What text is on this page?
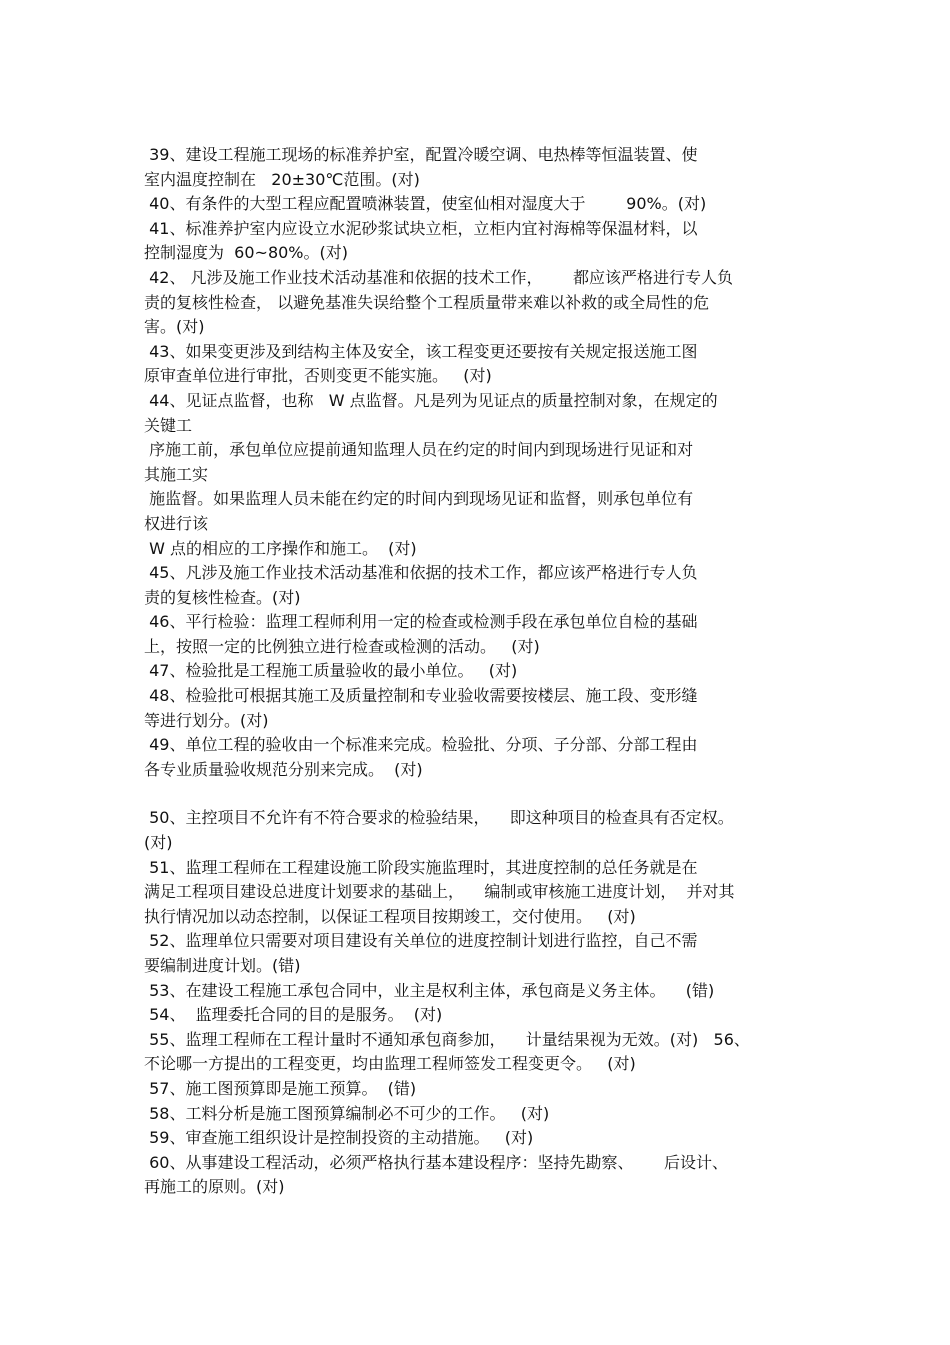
39、建设工程施工现场的标准养护室，配置冷暖空调、电热棒等恒温装置、使
室内温度控制在   20±30℃范围。(对)
40、有条件的大型工程应配置喷淋装置，使室仙相对湿度大于        90%。(对)
41、标准养护室内应设立水泥砂浆试块立柜，立柜内宜衬海棉等保温材料，以
控制湿度为  60~80%。(对)
42、 凡涉及施工作业技术活动基准和依据的技术工作，      都应该严格进行专人负
责的复核性检查， 以避免基准失误给整个工程质量带来难以补救的或全局性的危
害。(对)
43、如果变更涉及到结构主体及安全，该工程变更还要按有关规定报送施工图
原审查单位进行审批，否则变更不能实施。   (对)
44、见证点监督，也称   W 点监督。凡是列为见证点的质量控制对象，在规定的
关键工
序施工前，承包单位应提前通知监理人员在约定的时间内到现场进行见证和对
其施工实
施监督。如果监理人员未能在约定的时间内到现场见证和监督，则承包单位有
权进行该
W 点的相应的工序操作和施工。  (对)
45、凡涉及施工作业技术活动基准和依据的技术工作，都应该严格进行专人负
责的复核性检查。(对)
46、平行检验：监理工程师利用一定的检查或检测手段在承包单位自检的基础
上，按照一定的比例独立进行检查或检测的活动。   (对)
47、检验批是工程施工质量验收的最小单位。   (对)
48、检验批可根据其施工及质量控制和专业验收需要按楼层、施工段、变形缝
等进行划分。(对)
49、单位工程的验收由一个标准来完成。检验批、分项、子分部、分部工程由
各专业质量验收规范分别来完成。  (对)
50、主控项目不允许有不符合要求的检验结果，    即这种项目的检查具有否定权。
(对)
51、监理工程师在工程建设施工阶段实施监理时，其进度控制的总任务就是在
满足工程项目建设总进度计划要求的基础上，    编制或审核施工进度计划，  并对其
执行情况加以动态控制，以保证工程项目按期竣工，交付使用。   (对)
52、监理单位只需要对项目建设有关单位的进度控制计划进行监控，自己不需
要编制进度计划。(错)
53、在建设工程施工承包合同中，业主是权利主体，承包商是义务主体。    (错)
54、  监理委托合同的目的是服务。  (对)
55、监理工程师在工程计量时不通知承包商参加，    计量结果视为无效。(对)   56、
不论哪一方提出的工程变更，均由监理工程师签发工程变更令。   (对)
57、施工图预算即是施工预算。  (错)
58、工料分析是施工图预算编制必不可少的工作。   (对)
59、审查施工组织设计是控制投资的主动措施。   (对)
60、从事建设工程活动，必须严格执行基本建设程序：坚持先勘察、      后设计、
再施工的原则。(对)
